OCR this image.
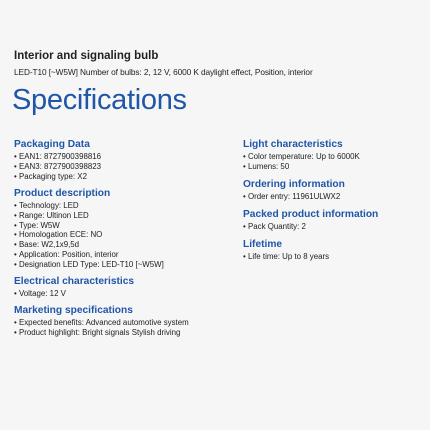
Interior and signaling bulb
LED-T10 [~W5W] Number of bulbs: 2, 12 V, 6000 K daylight effect, Position, interior
Specifications
Packaging Data
• EAN1: 8727900398816
• EAN3: 8727900398823
• Packaging type: X2
Product description
• Technology: LED
• Range: Ultinon LED
• Type: W5W
• Homologation ECE: NO
• Base: W2,1x9,5d
• Application: Position, interior
• Designation LED Type: LED-T10 [~W5W]
Electrical characteristics
• Voltage: 12 V
Marketing specifications
• Expected benefits: Advanced automotive system
• Product highlight: Bright signals Stylish driving
Light characteristics
• Color temperature: Up to 6000K
• Lumens: 50
Ordering information
• Order entry: 11961ULWX2
Packed product information
• Pack Quantity: 2
Lifetime
• Life time: Up to 8 years
